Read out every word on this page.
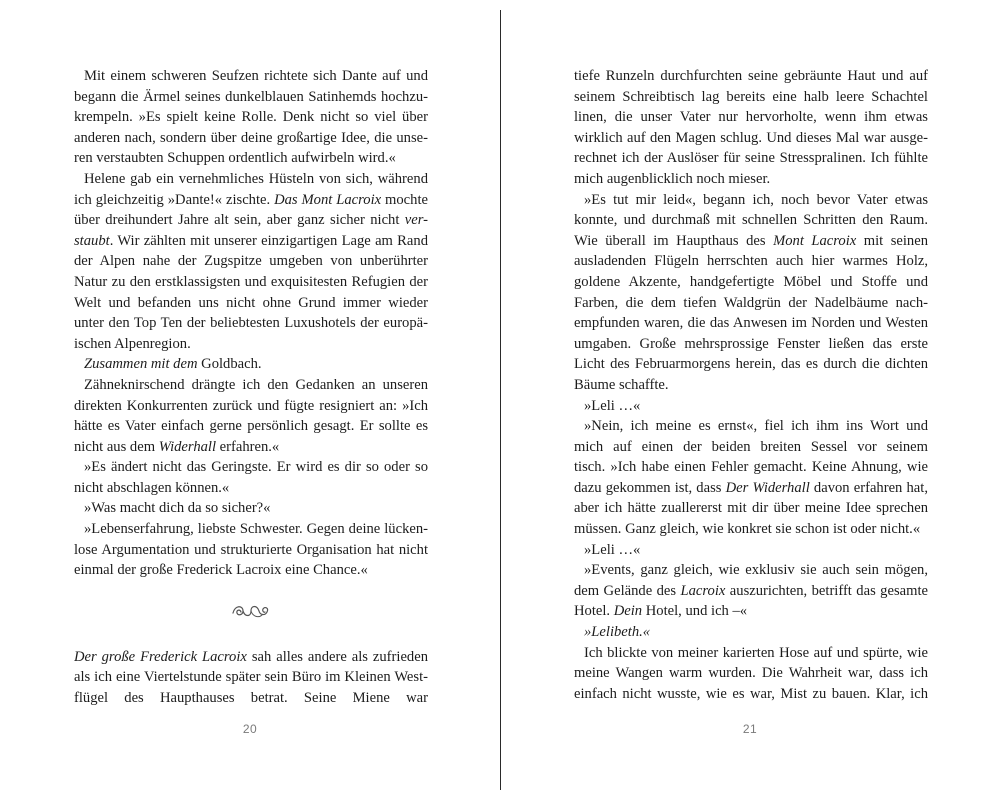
Mit einem schweren Seufzen richtete sich Dante auf und
begann die Ärmel seines dunkelblauen Satinhemds hochzu-
krempeln. »Es spielt keine Rolle. Denk nicht so viel über
anderen nach, sondern über deine großartige Idee, die unse-
ren verstaubten Schuppen ordentlich aufwirbeln wird.«
Helene gab ein vernehmliches Hüsteln von sich, während
ich gleichzeitig »Dante!« zischte. Das Mont Lacroix mochte
über dreihundert Jahre alt sein, aber ganz sicher nicht ver-
staubt. Wir zählten mit unserer einzigartigen Lage am Rand
der Alpen nahe der Zugspitze umgeben von unberührter
Natur zu den erstklassigsten und exquisitesten Refugien der
Welt und befanden uns nicht ohne Grund immer wieder
unter den Top Ten der beliebtesten Luxushotels der europä-
ischen Alpenregion.
Zusammen mit dem Goldbach.
Zähneknirschend drängte ich den Gedanken an unseren
direkten Konkurrenten zurück und fügte resigniert an: »Ich
hätte es Vater einfach gerne persönlich gesagt. Er sollte es
nicht aus dem Widerhall erfahren.«
»Es ändert nicht das Geringste. Er wird es dir so oder so
nicht abschlagen können.«
»Was macht dich da so sicher?«
»Lebenserfahrung, liebste Schwester. Gegen deine lücken-
lose Argumentation und strukturierte Organisation hat nicht
einmal der große Frederick Lacroix eine Chance.«
Der große Frederick Lacroix sah alles andere als zufrieden
als ich eine Viertelstunde später sein Büro im Kleinen West-
flügel des Haupthauses betrat. Seine Miene war
tiefe Runzeln durchfurchten seine gebräunte Haut und auf
seinem Schreibtisch lag bereits eine halb leere Schachtel
linen, die unser Vater nur hervorholte, wenn ihm etwas
wirklich auf den Magen schlug. Und dieses Mal war ausge-
rechnet ich der Auslöser für seine Stresspralinen. Ich fühlte
mich augenblicklich noch mieser.
»Es tut mir leid«, begann ich, noch bevor Vater etwas
konnte, und durchmaß mit schnellen Schritten den Raum.
Wie überall im Haupthaus des Mont Lacroix mit seinen
ausladenden Flügeln herrschten auch hier warmes Holz,
goldene Akzente, handgefertigte Möbel und Stoffe und
Farben, die dem tiefen Waldgrün der Nadelbäume nach-
empfunden waren, die das Anwesen im Norden und Westen
umgaben. Große mehrsprossige Fenster ließen das erste
Licht des Februarmorgens herein, das es durch die dichten
Bäume schaffte.
»Leli …«
»Nein, ich meine es ernst«, fiel ich ihm ins Wort und
mich auf einen der beiden breiten Sessel vor seinem
tisch. »Ich habe einen Fehler gemacht. Keine Ahnung, wie
dazu gekommen ist, dass Der Widerhall davon erfahren hat,
aber ich hätte zuallererst mit dir über meine Idee sprechen
müssen. Ganz gleich, wie konkret sie schon ist oder nicht.«
»Leli …«
»Events, ganz gleich, wie exklusiv sie auch sein mögen,
dem Gelände des Lacroix auszurichten, betrifft das gesamte
Hotel. Dein Hotel, und ich –«
»Lelibeth.«
Ich blickte von meiner karierten Hose auf und spürte, wie
meine Wangen warm wurden. Die Wahrheit war, dass ich
einfach nicht wusste, wie es war, Mist zu bauen. Klar, ich
20	21
